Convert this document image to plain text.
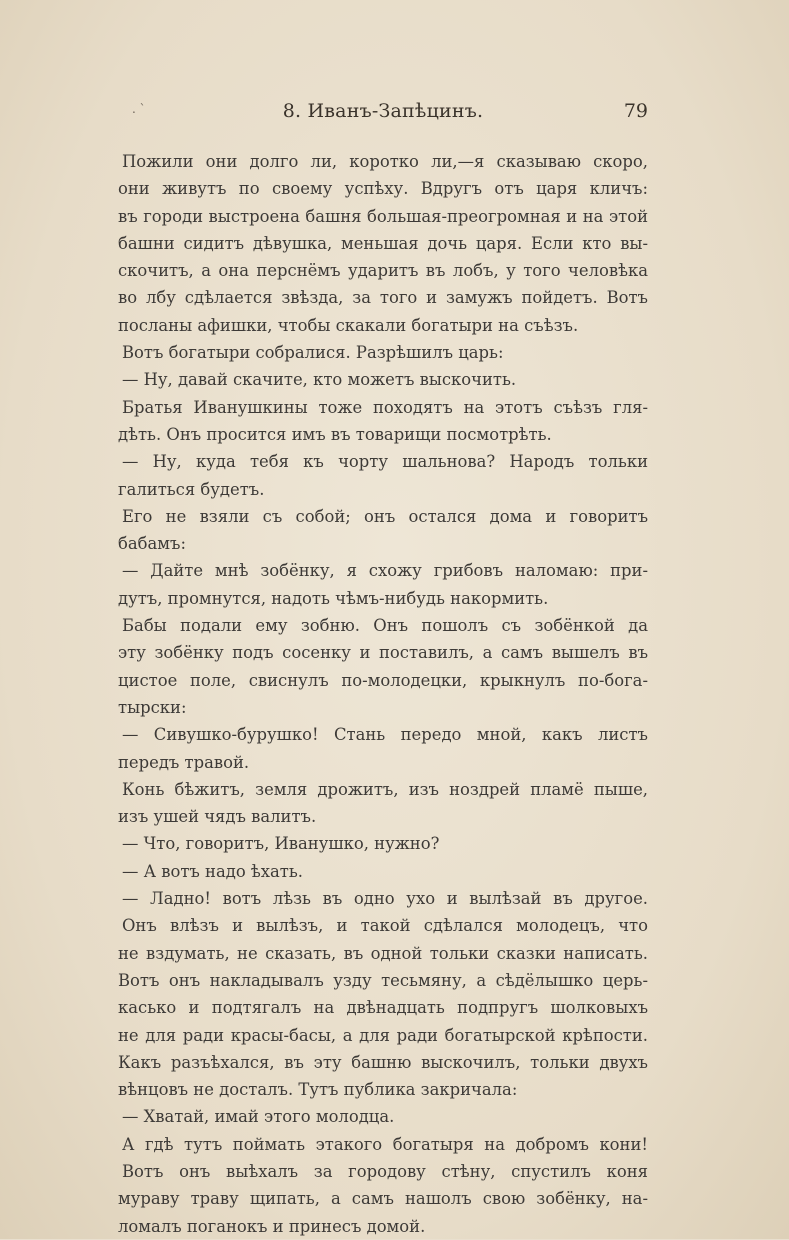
. `	8. Иванъ-Запѣцинъ.	79
Пожили они долго ли, коротко ли,—я сказываю скоро,
они живутъ по своему успѣху. Вдругъ отъ царя кличъ:
въ городи выстроена башня большая-преогромная и на этой
башни сидитъ дѣвушка, меньшая дочь царя. Если кто вы-
скочитъ, а она перснёмъ ударитъ въ лобъ, у того человѣка
во лбу сдѣлается звѣзда, за того и замужъ пойдетъ. Вотъ
посланы афишки, чтобы скакали богатыри на съѣзъ.
Вотъ богатыри собралися. Разрѣшилъ царь:
— Ну, давай скачите, кто можетъ выскочить.
Братья Иванушкины тоже походятъ на этотъ съѣзъ гля-
дѣть. Онъ просится имъ въ товарищи посмотрѣть.
— Ну, куда тебя къ чорту шальнова? Народъ тольки
галиться будетъ.
Его не взяли съ собой; онъ остался дома и говоритъ
бабамъ:
— Дайте мнѣ зобёнку, я схожу грибовъ наломаю: при-
дутъ, промнутся, надоть чѣмъ-нибудь накормить.
Бабы подали ему зобню. Онъ пошолъ съ зобёнкой да
эту зобёнку подъ сосенку и поставилъ, а самъ вышелъ въ
цистое поле, свиснулъ по-молодецки, крыкнулъ по-бога-
тырски:
— Сивушко-бурушко! Стань передо мной, какъ листъ
передъ травой.
Конь бѣжитъ, земля дрожитъ, изъ ноздрей пламё пыше,
изъ ушей чядъ валитъ.
— Что, говоритъ, Иванушко, нужно?
— А вотъ надо ѣхать.
— Ладно! вотъ лѣзь въ одно ухо и вылѣзай въ другое.
Онъ влѣзъ и вылѣзъ, и такой сдѣлался молодецъ, что
не вздумать, не сказать, въ одной тольки сказки написать.
Вотъ онъ накладывалъ узду тесьмяну, а сѣдёлышко церь-
касько и подтягалъ на двѣнадцать подпругъ шолковыхъ
не для ради красы-басы, а для ради богатырской крѣпости.
Какъ разъѣхался, въ эту башню выскочилъ, тольки двухъ
вѣнцовъ не досталъ. Тутъ публика закричала:
— Хватай, имай этого молодца.
А гдѣ тутъ поймать этакого богатыря на добромъ кони!
Вотъ онъ выѣхалъ за городову стѣну, спустилъ коня
мураву траву щипать, а самъ нашолъ свою зобёнку, на-
ломалъ поганокъ и принесъ домой.
